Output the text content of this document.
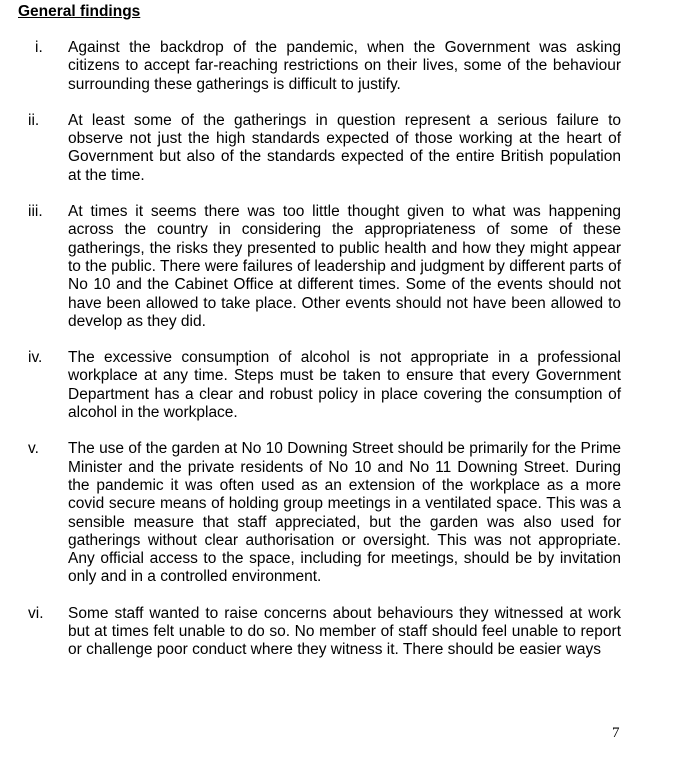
General findings
i.	Against the backdrop of the pandemic, when the Government was asking citizens to accept far-reaching restrictions on their lives, some of the behaviour surrounding these gatherings is difficult to justify.
ii.	At least some of the gatherings in question represent a serious failure to observe not just the high standards expected of those working at the heart of Government but also of the standards expected of the entire British population at the time.
iii.	At times it seems there was too little thought given to what was happening across the country in considering the appropriateness of some of these gatherings, the risks they presented to public health and how they might appear to the public. There were failures of leadership and judgment by different parts of No 10 and the Cabinet Office at different times. Some of the events should not have been allowed to take place. Other events should not have been allowed to develop as they did.
iv.	The excessive consumption of alcohol is not appropriate in a professional workplace at any time. Steps must be taken to ensure that every Government Department has a clear and robust policy in place covering the consumption of alcohol in the workplace.
v.	The use of the garden at No 10 Downing Street should be primarily for the Prime Minister and the private residents of No 10 and No 11 Downing Street. During the pandemic it was often used as an extension of the workplace as a more covid secure means of holding group meetings in a ventilated space. This was a sensible measure that staff appreciated, but the garden was also used for gatherings without clear authorisation or oversight. This was not appropriate. Any official access to the space, including for meetings, should be by invitation only and in a controlled environment.
vi.	Some staff wanted to raise concerns about behaviours they witnessed at work but at times felt unable to do so. No member of staff should feel unable to report or challenge poor conduct where they witness it. There should be easier ways
7
